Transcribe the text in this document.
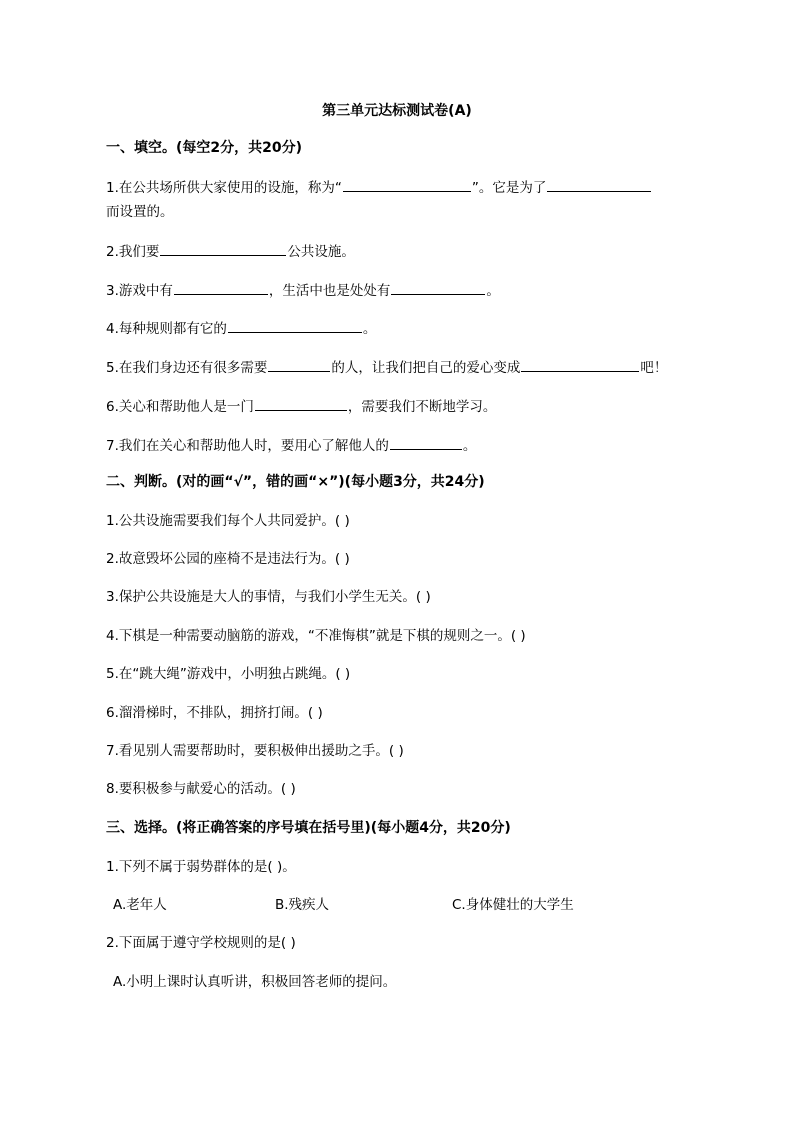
第三单元达标测试卷(A)
一、填空。(每空2分，共20分)
1.在公共场所供大家使用的设施，称为“	”。它是为了
而设置的。
2.我们要	公共设施。
3.游戏中有	，生活中也是处处有	。
4.每种规则都有它的	。
5.在我们身边还有很多需要	的人，让我们把自己的爱心变成	吧！
6.关心和帮助他人是一门	，需要我们不断地学习。
7.我们在关心和帮助他人时，要用心了解他人的	。
二、判断。(对的画“√”，错的画“×”)(每小题3分，共24分)
1.公共设施需要我们每个人共同爱护。( )
2.故意毁坏公园的座椅不是违法行为。( )
3.保护公共设施是大人的事情，与我们小学生无关。( )
4.下棋是一种需要动脑筋的游戏，“不准悔棋”就是下棋的规则之一。( )
5.在“跳大绳”游戏中，小明独占跳绳。( )
6.溜滑梯时，不排队，拥挤打闹。( )
7.看见别人需要帮助时，要积极伸出援助之手。( )
8.要积极参与献爱心的活动。( )
三、选择。(将正确答案的序号填在括号里)(每小题4分，共20分)
1.下列不属于弱势群体的是( )。
A.老年人	B.残疾人	C.身体健壮的大学生
2.下面属于遵守学校规则的是( )
A.小明上课时认真听讲，积极回答老师的提问。
